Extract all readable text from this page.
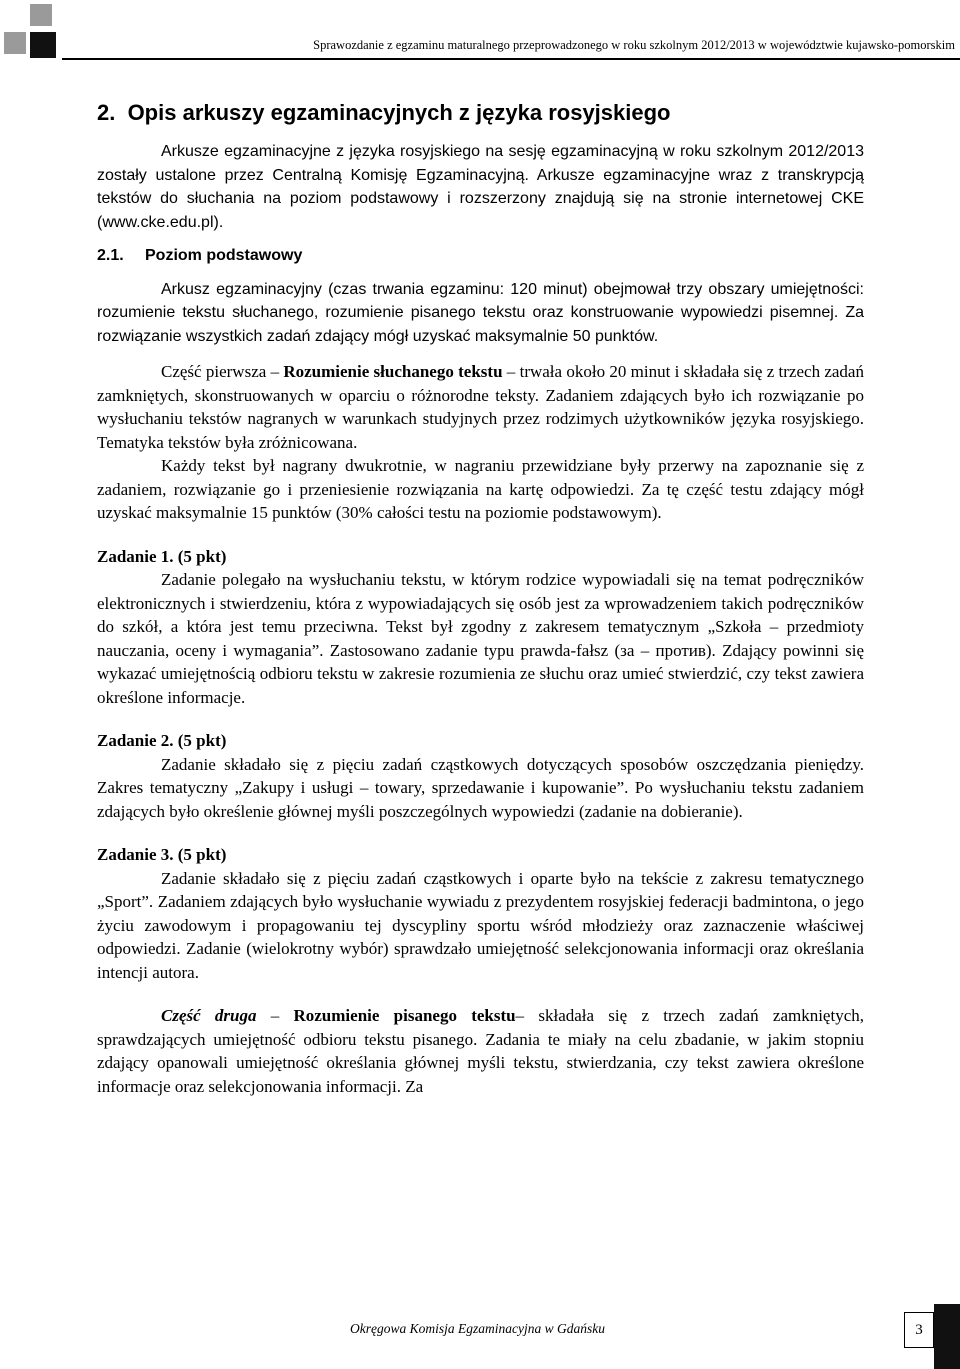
Sprawozdanie z egzaminu maturalnego przeprowadzonego w roku szkolnym 2012/2013 w województwie kujawsko-pomorskim
2.  Opis arkuszy egzaminacyjnych z języka rosyjskiego

Arkusze egzaminacyjne z języka rosyjskiego na sesję egzaminacyjną w roku szkolnym 2012/2013 zostały ustalone przez Centralną Komisję Egzaminacyjną. Arkusze egzaminacyjne wraz z transkrypcją tekstów do słuchania na poziom podstawowy i rozszerzony znajdują się na stronie internetowej CKE (www.cke.edu.pl).

2.1. Poziom podstawowy

Arkusz egzaminacyjny (czas trwania egzaminu: 120 minut) obejmował trzy obszary umiejętności: rozumienie tekstu słuchanego, rozumienie pisanego tekstu oraz konstruowanie wypowiedzi pisemnej. Za rozwiązanie wszystkich zadań zdający mógł uzyskać maksymalnie 50 punktów.

Część pierwsza – Rozumienie słuchanego tekstu – trwała około 20 minut i składała się z trzech zadań zamkniętych, skonstruowanych w oparciu o różnorodne teksty. Zadaniem zdających było ich rozwiązanie po wysłuchaniu tekstów nagranych w warunkach studyjnych przez rodzimych użytkowników języka rosyjskiego. Tematyka tekstów była zróżnicowana.

Każdy tekst był nagrany dwukrotnie, w nagraniu przewidziane były przerwy na zapoznanie się z zadaniem, rozwiązanie go i przeniesienie rozwiązania na kartę odpowiedzi. Za tę część testu zdający mógł uzyskać maksymalnie 15 punktów (30% całości testu na poziomie podstawowym).

Zadanie 1. (5 pkt)

Zadanie polegało na wysłuchaniu tekstu, w którym rodzice wypowiadali się na temat podręczników elektronicznych i stwierdzeniu, która z wypowiadających się osób jest za wprowadzeniem takich podręczników do szkół, a która jest temu przeciwna. Tekst był zgodny z zakresem tematycznym „Szkoła – przedmioty nauczania, oceny i wymagania”. Zastosowano zadanie typu prawda-fałsz (за – против). Zdający powinni się wykazać umiejętnością odbioru tekstu w zakresie rozumienia ze słuchu oraz umieć stwierdzić, czy tekst zawiera określone informacje.

Zadanie 2. (5 pkt)

Zadanie składało się z pięciu zadań cząstkowych dotyczących sposobów oszczędzania pieniędzy. Zakres tematyczny „Zakupy i usługi – towary, sprzedawanie i kupowanie”. Po wysłuchaniu tekstu zadaniem zdających było określenie głównej myśli poszczególnych wypowiedzi (zadanie na dobieranie).

Zadanie 3. (5 pkt)

Zadanie składało się z pięciu zadań cząstkowych i oparte było na tekście z zakresu tematycznego „Sport”. Zadaniem zdających było wysłuchanie wywiadu z prezydentem rosyjskiej federacji badmintona, o jego życiu zawodowym i propagowaniu tej dyscypliny sportu wśród młodzieży oraz zaznaczenie właściwej odpowiedzi. Zadanie (wielokrotny wybór) sprawdzało umiejętność selekcjonowania informacji oraz określania intencji autora.

Część druga – Rozumienie pisanego tekstu– składała się z trzech zadań zamkniętych, sprawdzających umiejętność odbioru tekstu pisanego. Zadania te miały na celu zbadanie, w jakim stopniu zdający opanowali umiejętność określania głównej myśli tekstu, stwierdzania, czy tekst zawiera określone informacje oraz selekcjonowania informacji. Za

Okręgowa Komisja Egzaminacyjna w Gdańsku	3
